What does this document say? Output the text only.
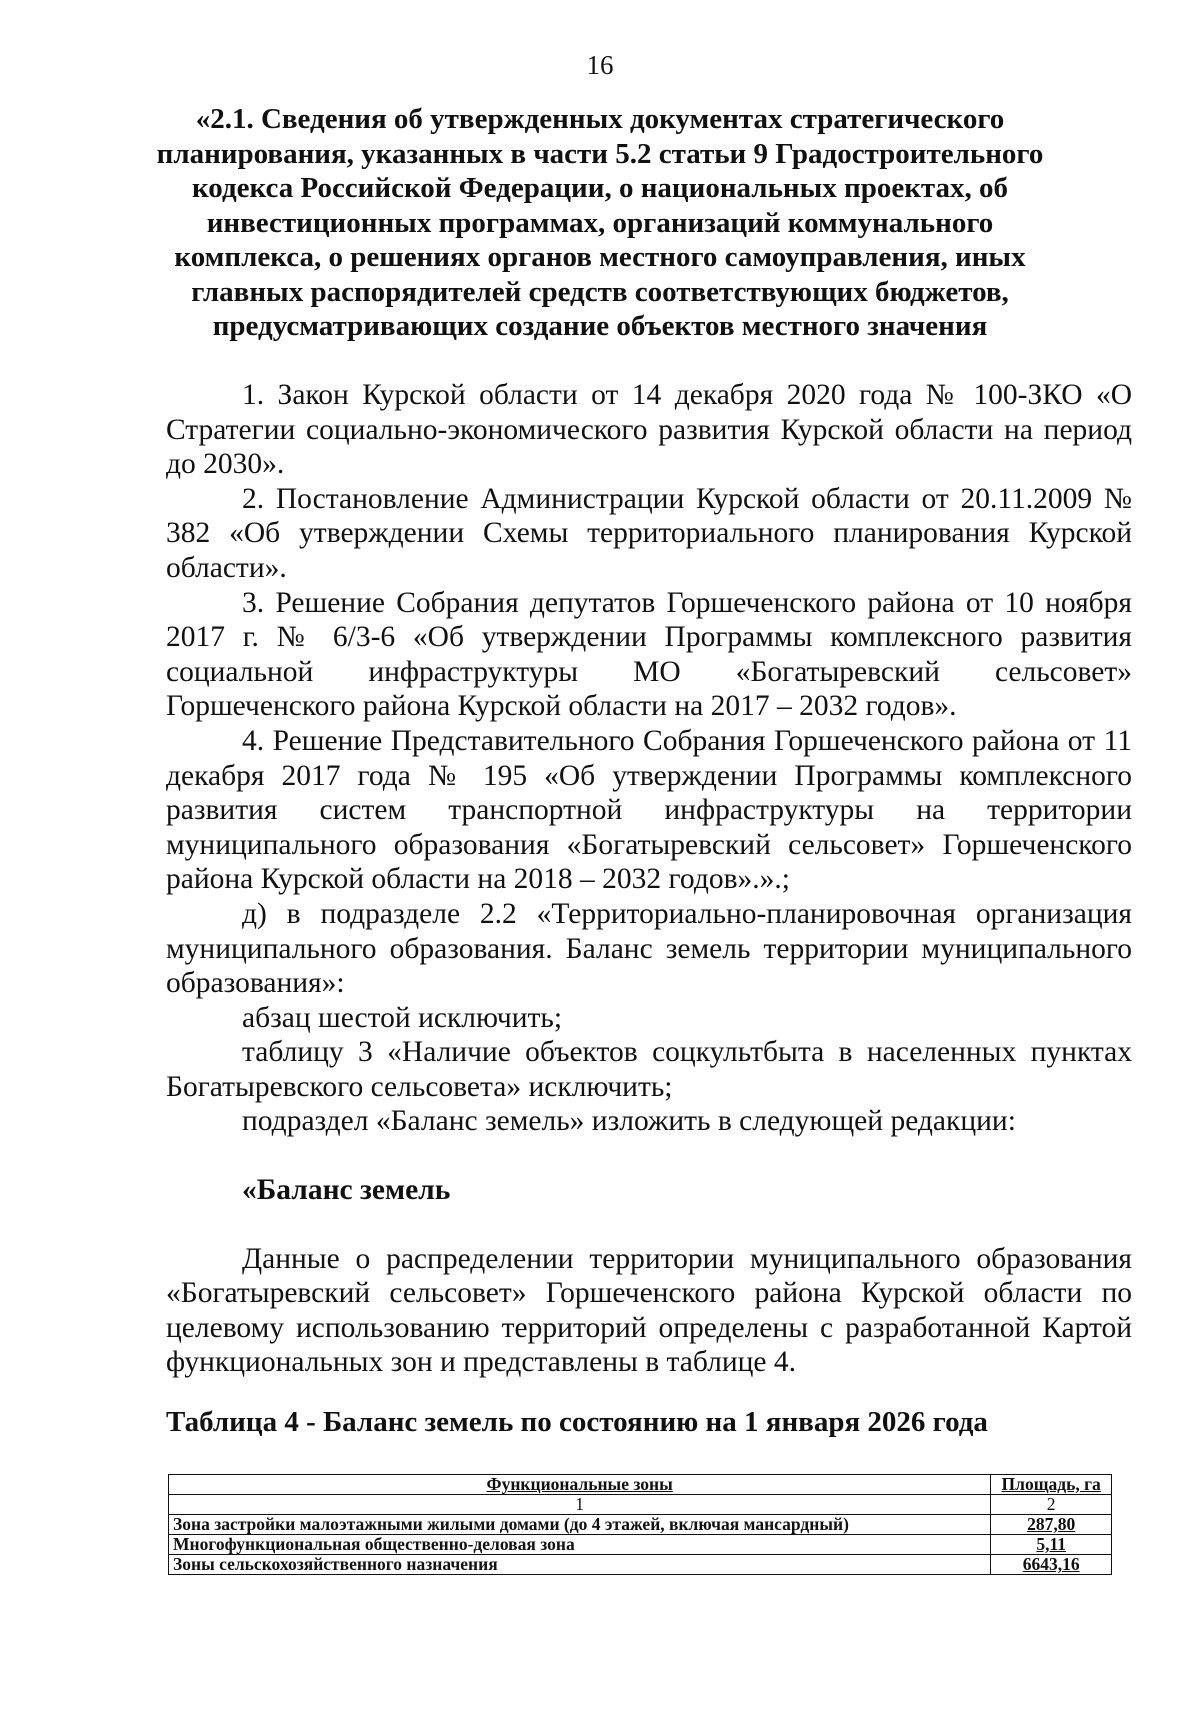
16
«2.1. Сведения об утвержденных документах стратегического планирования, указанных в части 5.2 статьи 9 Градостроительного кодекса Российской Федерации, о национальных проектах, об инвестиционных программах, организаций коммунального комплекса, о решениях органов местного самоуправления, иных главных распорядителей средств соответствующих бюджетов, предусматривающих создание объектов местного значения

1. Закон Курской области от 14 декабря 2020 года № 100-ЗКО «О Стратегии социально-экономического развития Курской области на период до 2030».

2. Постановление Администрации Курской области от 20.11.2009 № 382 «Об утверждении Схемы территориального планирования Курской области».

3. Решение Собрания депутатов Горшеченского района от 10 ноября 2017 г. № 6/3-6 «Об утверждении Программы комплексного развития социальной инфраструктуры МО «Богатыревский сельсовет» Горшеченского района Курской области на 2017 – 2032 годов».

4. Решение Представительного Собрания Горшеченского района от 11 декабря 2017 года № 195 «Об утверждении Программы комплексного развития систем транспортной инфраструктуры на территории муниципального образования «Богатыревский сельсовет» Горшеченского района Курской области на 2018 – 2032 годов».».;

д) в подразделе 2.2 «Территориально-планировочная организация муниципального образования. Баланс земель территории муниципального образования»:

абзац шестой исключить;

таблицу 3 «Наличие объектов соцкультбыта в населенных пунктах Богатыревского сельсовета» исключить;

подраздел «Баланс земель» изложить в следующей редакции:

«Баланс земель

Данные о распределении территории муниципального образования «Богатыревский сельсовет» Горшеченского района Курской области по целевому использованию территорий определены с разработанной Картой функциональных зон и представлены в таблице 4.

Таблица 4 - Баланс земель по состоянию на 1 января 2026 года
Функциональные зоны	Площадь, га
1	2
Зона застройки малоэтажными жилыми домами (до 4 этажей, включая мансардный)	287,80
Многофункциональная общественно-деловая зона	5,11
Зоны сельскохозяйственного назначения	6643,16
